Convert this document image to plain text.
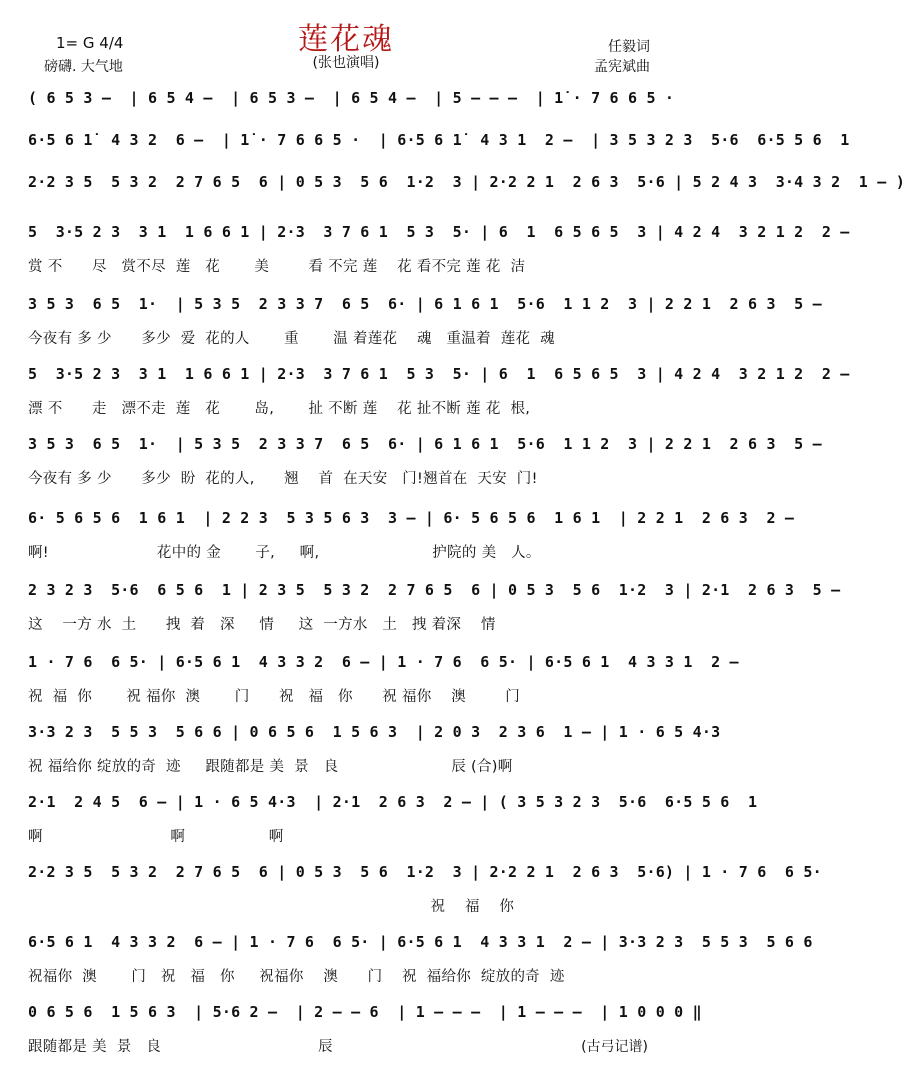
莲花魂
(张也演唱)
1= G 4/4
磅礴. 大气地
任毅词
孟宪斌曲
( 6 5 3 –  | 6 5 4 –  | 6 5 3 –  | 6 5 4 –  | 5 – – –  | 1̇ · 7 6 6 5 ·
6·5 6 1̇  4 3 2  6 –  | 1̇ · 7 6 6 5 ·  | 6·5 6 1̇  4 3 1  2 –  | 3 5 3 2 3  5·6  6·5 5 6  1
2·2 3 5  5 3 2  2 7 6 5  6 | 0 5 3  5 6  1·2  3 | 2·2 2 1  2 6 3  5·6 | 5 2 4 3  3·4 3 2  1 – )
5  3·5 2 3  3 1  1 6 6 1 | 2·3  3 7 6 1  5 3  5· | 6  1  6 5 6 5  3 | 4 2 4  3 2 1 2  2 –
赏 不      尽   赏不尽  莲   花       美        看 不完 莲    花 看不完 莲 花  洁
3 5 3  6 5  1·  | 5 3 5  2 3 3 7  6 5  6· | 6 1 6 1  5·6  1 1 2  3 | 2 2 1  2 6 3  5 –
今夜有 多 少      多少  爱  花的人       重       温 着莲花    魂   重温着  莲花  魂
5  3·5 2 3  3 1  1 6 6 1 | 2·3  3 7 6 1  5 3  5· | 6  1  6 5 6 5  3 | 4 2 4  3 2 1 2  2 –
漂 不      走   漂不走  莲   花       岛,       扯 不断 莲    花 扯不断 莲 花  根,
3 5 3  6 5  1·  | 5 3 5  2 3 3 7  6 5  6· | 6 1 6 1  5·6  1 1 2  3 | 2 2 1  2 6 3  5 –
今夜有 多 少      多少  盼  花的人,      翘    首  在天安   门!翘首在  天安  门!
6· 5 6 5 6  1 6 1  | 2 2 3  5 3 5 6 3  3 – | 6· 5 6 5 6  1 6 1  | 2 2 1  2 6 3  2 –
啊!                      花中的 金       子,     啊,                       护院的 美   人。
2 3 2 3  5·6  6 5 6  1 | 2 3 5  5 3 2  2 7 6 5  6 | 0 5 3  5 6  1·2  3 | 2·1  2 6 3  5 –
这    一方 水  土      拽  着   深     情     这  一方水   土   拽 着深    情
1 · 7 6  6 5· | 6·5 6 1  4 3 3 2  6 – | 1 · 7 6  6 5· | 6·5 6 1  4 3 3 1  2 –
祝  福  你       祝 福你  澳       门      祝   福   你      祝 福你    澳        门
3·3 2 3  5 5 3  5 6 6 | 0 6 5 6  1 5 6 3  | 2 0 3  2 3 6  1 – | 1 · 6 5 4·3
祝 福给你 绽放的奇  迹     跟随都是 美  景   良                       辰 (合)啊
2·1  2 4 5  6 – | 1 · 6 5 4·3  | 2·1  2 6 3  2 – | ( 3 5 3 2 3  5·6  6·5 5 6  1
啊                          啊                 啊
2·2 3 5  5 3 2  2 7 6 5  6 | 0 5 3  5 6  1·2  3 | 2·2 2 1  2 6 3  5·6) | 1 · 7 6  6 5·
祝    福    你
6·5 6 1  4 3 3 2  6 – | 1 · 7 6  6 5· | 6·5 6 1  4 3 3 1  2 – | 3·3 2 3  5 5 3  5 6 6
祝福你  澳       门   祝   福   你     祝福你    澳      门    祝  福给你  绽放的奇  迹
0 6 5 6  1 5 6 3  | 5·6 2 –  | 2 – – 6  | 1 – – –  | 1 – – –  | 1 0 0 0 ‖
跟随都是 美  景   良                                辰	(古弓记谱)
